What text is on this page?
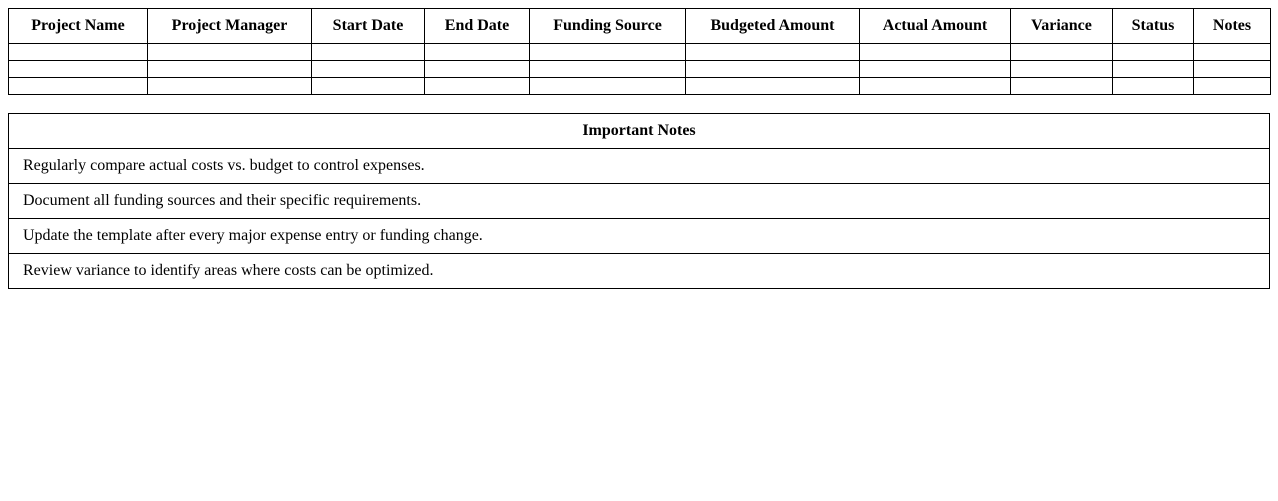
Project Name	Project Manager	Start Date	End Date	Funding Source	Budgeted Amount	Actual Amount	Variance	Status	Notes

Important Notes
Regularly compare actual costs vs. budget to control expenses.
Document all funding sources and their specific requirements.
Update the template after every major expense entry or funding change.
Review variance to identify areas where costs can be optimized.
